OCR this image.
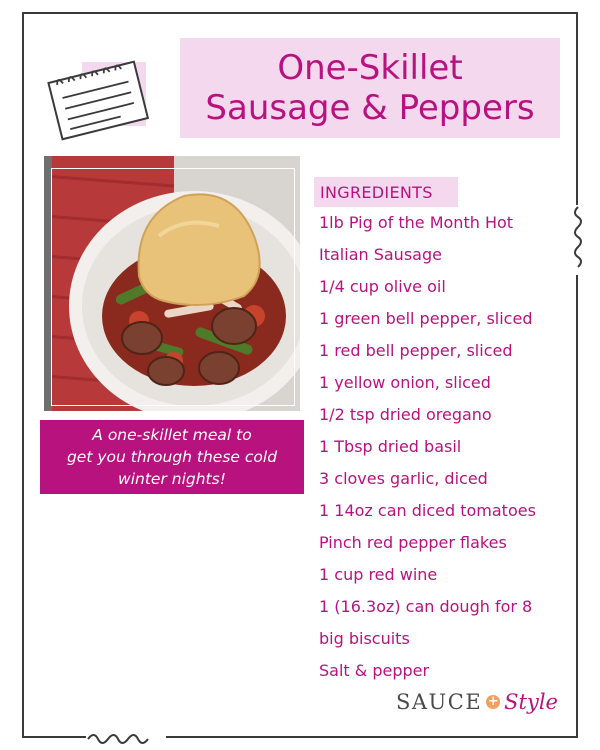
One-Skillet
Sausage & Peppers
A one-skillet meal to
get you through these cold
winter nights!
INGREDIENTS
1lb Pig of the Month Hot
Italian Sausage
1/4 cup olive oil
1 green bell pepper, sliced
1 red bell pepper, sliced
1 yellow onion, sliced
1/2 tsp dried oregano
1 Tbsp dried basil
3 cloves garlic, diced
1 14oz can diced tomatoes
Pinch red pepper flakes
1 cup red wine
1 (16.3oz) can dough for 8
big biscuits
Salt & pepper
SAUCE + Style
